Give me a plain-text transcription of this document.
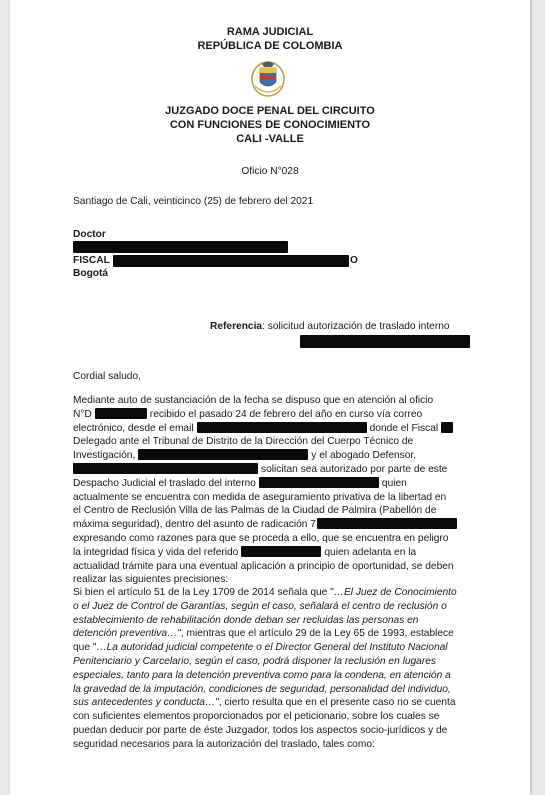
RAMA JUDICIAL
REPÚBLICA DE COLOMBIA
JUZGADO DOCE PENAL DEL CIRCUITO
CON FUNCIONES DE CONOCIMIENTO
CALI -VALLE
Oficio N°028
Santiago de Cali, veinticinco (25) de febrero del 2021
Doctor
FISCAL	O
Bogotá
Referencia: solicitud autorización de traslado interno
Cordial saludo,
Mediante auto de sustanciación de la fecha se dispuso que en atención al oficio
N°D	recibido el pasado 24 de febrero del año en curso vía correo
electrónico, desde el email	donde el Fiscal
Delegado ante el Tribunal de Distrito de la Dirección del Cuerpo Técnico de
Investigación,	y el abogado Defensor,
solicitan sea autorizado por parte de este
Despacho Judicial el traslado del interno	quien
actualmente se encuentra con medida de aseguramiento privativa de la libertad en
el Centro de Reclusión Villa de las Palmas de la Ciudad de Palmira (Pabellón de
máxima seguridad), dentro del asunto de radicación 7
expresando como razones para que se proceda a ello, que se encuentra en peligro
la integridad física y vida del referido	quien adelanta en la
actualidad trámite para una eventual aplicación a principio de oportunidad, se deben
realizar las siguientes precisiones:
Si bien el artículo 51 de la Ley 1709 de 2014 señala que "…El Juez de Conocimiento
o el Juez de Control de Garantías, según el caso, señalará el centro de reclusión o
establecimiento de rehabilitación donde deban ser recluidas las personas en
detención preventiva…", mientras que el artículo 29 de la Ley 65 de 1993, establece
que "…La autoridad judicial competente o el Director General del Instituto Nacional
Penitenciario y Carcelario, según el caso, podrá disponer la reclusión en lugares
especiales, tanto para la detención preventiva como para la condena, en atención a
la gravedad de la imputación, condiciones de seguridad, personalidad del individuo,
sus antecedentes y conducta…", cierto resulta que en el presente caso no se cuenta
con suficientes elementos proporcionados por el peticionario, sobre los cuales se
puedan deducir por parte de éste Juzgador, todos los aspectos socio-jurídicos y de
seguridad necesarios para la autorización del traslado, tales como:
